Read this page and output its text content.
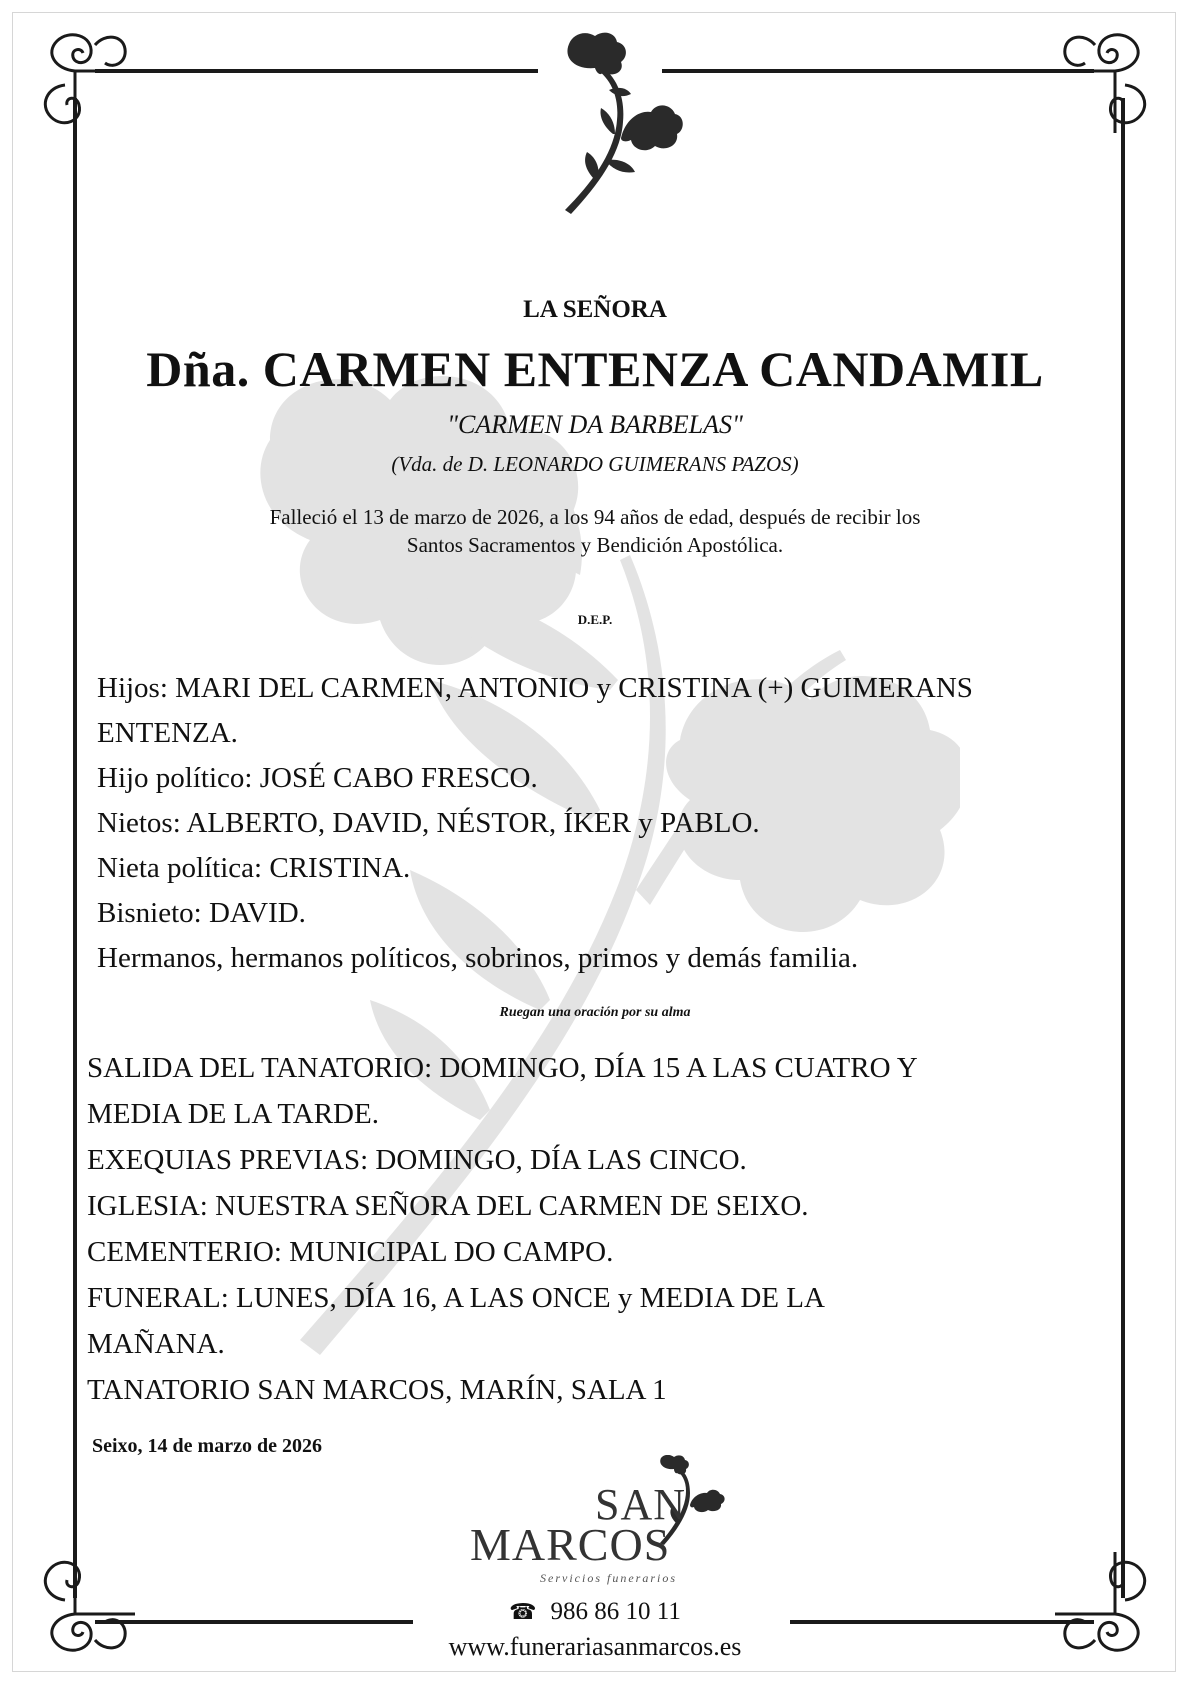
LA SEÑORA
Dña. CARMEN ENTENZA CANDAMIL
"CARMEN DA BARBELAS"
(Vda. de D. LEONARDO GUIMERANS PAZOS)
Falleció el 13 de marzo de 2026, a los 94 años de edad, después de recibir los
Santos Sacramentos y Bendición Apostólica.
D.E.P.
Hijos: MARI DEL CARMEN, ANTONIO y CRISTINA (+) GUIMERANS
ENTENZA.
Hijo político: JOSÉ CABO FRESCO.
Nietos: ALBERTO, DAVID, NÉSTOR, ÍKER y PABLO.
Nieta política: CRISTINA.
Bisnieto: DAVID.
Hermanos, hermanos políticos, sobrinos, primos y demás familia.
Ruegan una oración por su alma
SALIDA DEL TANATORIO: DOMINGO, DÍA 15 A LAS CUATRO Y
MEDIA DE LA TARDE.
EXEQUIAS PREVIAS: DOMINGO, DÍA LAS CINCO.
IGLESIA: NUESTRA SEÑORA DEL CARMEN DE SEIXO.
CEMENTERIO: MUNICIPAL DO CAMPO.
FUNERAL: LUNES, DÍA 16, A LAS ONCE y MEDIA DE LA
MAÑANA.
TANATORIO SAN MARCOS, MARÍN, SALA 1
Seixo, 14 de marzo de 2026
SAN
MARCOS
Servicios funerarios
☎ 986 86 10 11
www.funerariasanmarcos.es
